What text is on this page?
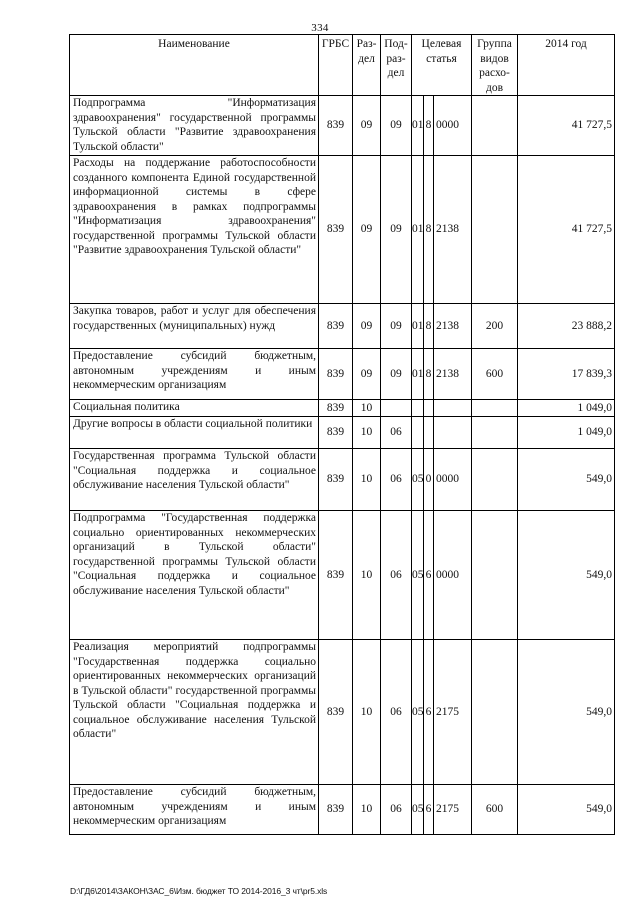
334
Наименование	ГРБС	Раз-дел	Под-раз-дел	Целевая статья			Группа видов расхо-дов	2014 год
Подпрограмма "Информатизация здравоохранения" государственной программы Тульской области "Развитие здравоохранения Тульской области"	839	09	09	01	8	0000		41 727,5
Расходы на поддержание работоспособности созданного компонента Единой государственной информационной системы в сфере здравоохранения в рамках подпрограммы "Информатизация здравоохранения" государственной программы Тульской области "Развитие здравоохранения Тульской области"	839	09	09	01	8	2138		41 727,5
Закупка товаров, работ и услуг для обеспечения государственных (муниципальных) нужд	839	09	09	01	8	2138	200	23 888,2
Предоставление субсидий бюджетным, автономным учреждениям и иным некоммерческим организациям	839	09	09	01	8	2138	600	17 839,3
Социальная политика	839	10						1 049,0
Другие вопросы в области социальной политики	839	10	06					1 049,0
Государственная программа Тульской области "Социальная поддержка и социальное обслуживание населения Тульской области"	839	10	06	05	0	0000		549,0
Подпрограмма "Государственная поддержка социально ориентированных некоммерческих организаций в Тульской области" государственной программы Тульской области "Социальная поддержка и социальное обслуживание населения Тульской области"	839	10	06	05	6	0000		549,0
Реализация мероприятий подпрограммы "Государственная поддержка социально ориентированных некоммерческих организаций в Тульской области" государственной программы Тульской области "Социальная поддержка и социальное обслуживание населения Тульской области"	839	10	06	05	6	2175		549,0
Предоставление субсидий бюджетным, автономным учреждениям и иным некоммерческим организациям	839	10	06	05	6	2175	600	549,0
D:\ГД6\2014\ЗАКОН\ЗАС_6\Изм. бюджет ТО 2014-2016_3 чт\pr5.xls
